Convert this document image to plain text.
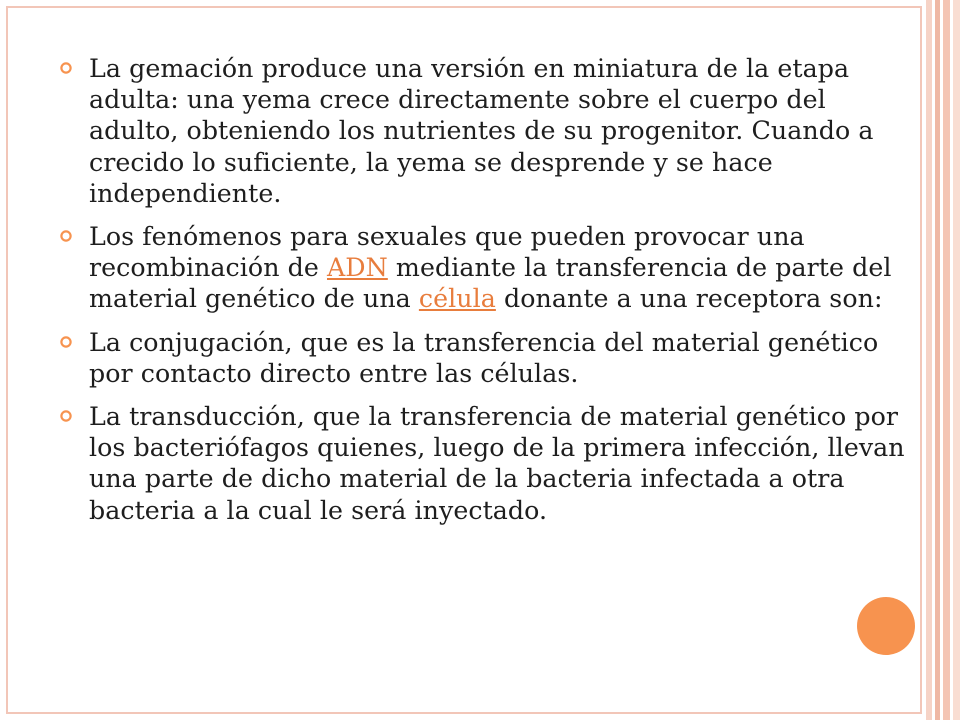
La gemación produce una versión en miniatura de la etapa adulta: una yema crece directamente sobre el cuerpo del adulto, obteniendo los nutrientes de su progenitor. Cuando a crecido lo suficiente, la yema se desprende y se hace independiente.
Los fenómenos para sexuales que pueden provocar una recombinación de ADN mediante la transferencia de parte del material genético de una célula donante a una receptora son:
La conjugación, que es la transferencia del material genético por contacto directo entre las células.
La transducción, que la transferencia de material genético por los bacteriófagos quienes, luego de la primera infección, llevan una parte de dicho material de la bacteria infectada a otra bacteria a la cual le será inyectado.
